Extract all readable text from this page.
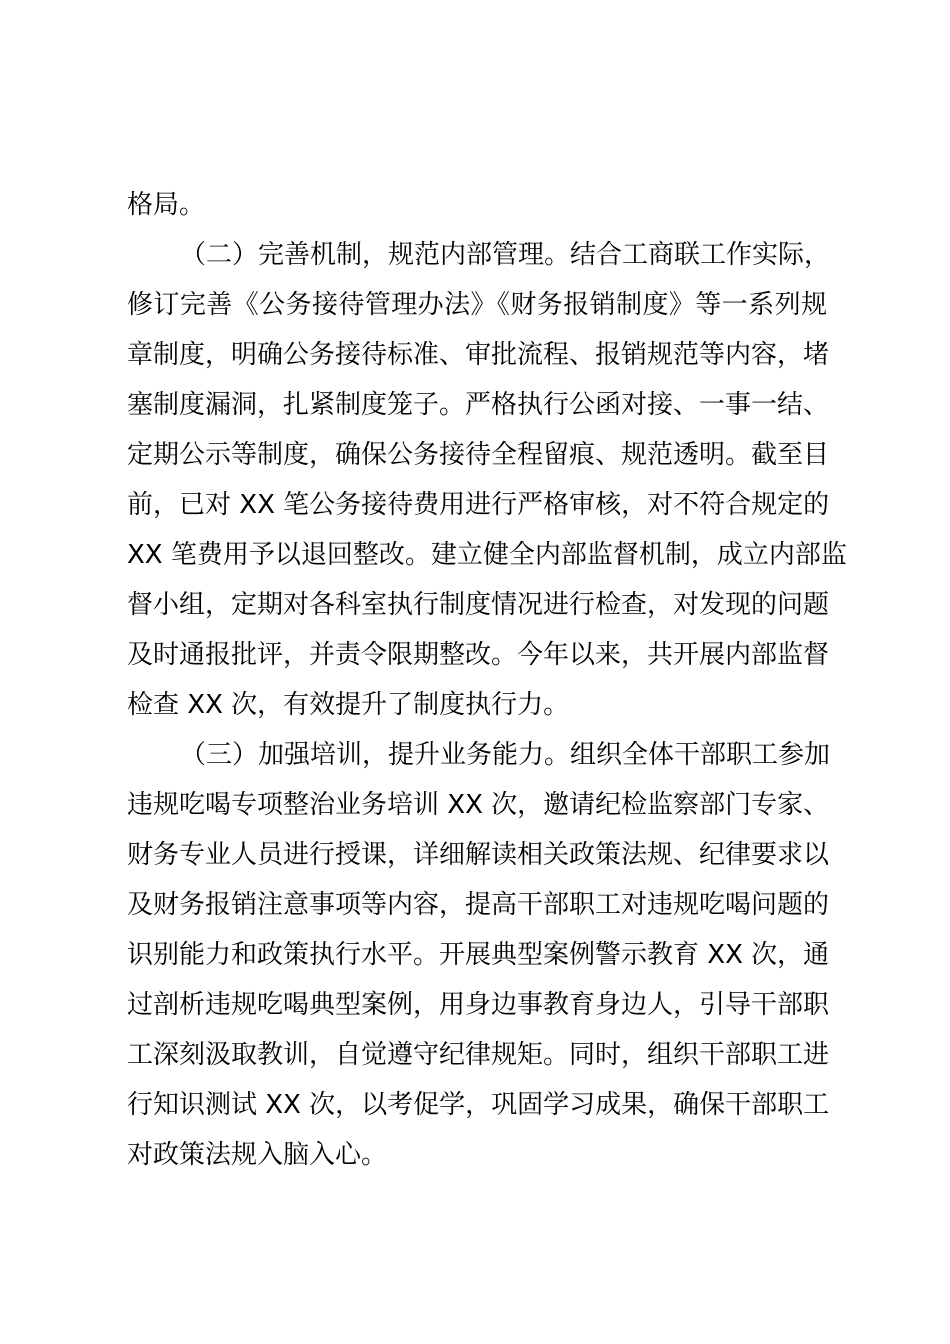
格局。
（二）完善机制，规范内部管理。结合工商联工作实际，
修订完善《公务接待管理办法》《财务报销制度》等一系列规
章制度，明确公务接待标准、审批流程、报销规范等内容，堵
塞制度漏洞，扎紧制度笼子。严格执行公函对接、一事一结、
定期公示等制度，确保公务接待全程留痕、规范透明。截至目
前，已对 XX 笔公务接待费用进行严格审核，对不符合规定的
XX 笔费用予以退回整改。建立健全内部监督机制，成立内部监
督小组，定期对各科室执行制度情况进行检查，对发现的问题
及时通报批评，并责令限期整改。今年以来，共开展内部监督
检查 XX 次，有效提升了制度执行力。
（三）加强培训，提升业务能力。组织全体干部职工参加
违规吃喝专项整治业务培训 XX 次，邀请纪检监察部门专家、
财务专业人员进行授课，详细解读相关政策法规、纪律要求以
及财务报销注意事项等内容，提高干部职工对违规吃喝问题的
识别能力和政策执行水平。开展典型案例警示教育 XX 次，通
过剖析违规吃喝典型案例，用身边事教育身边人，引导干部职
工深刻汲取教训，自觉遵守纪律规矩。同时，组织干部职工进
行知识测试 XX 次，以考促学，巩固学习成果，确保干部职工
对政策法规入脑入心。
